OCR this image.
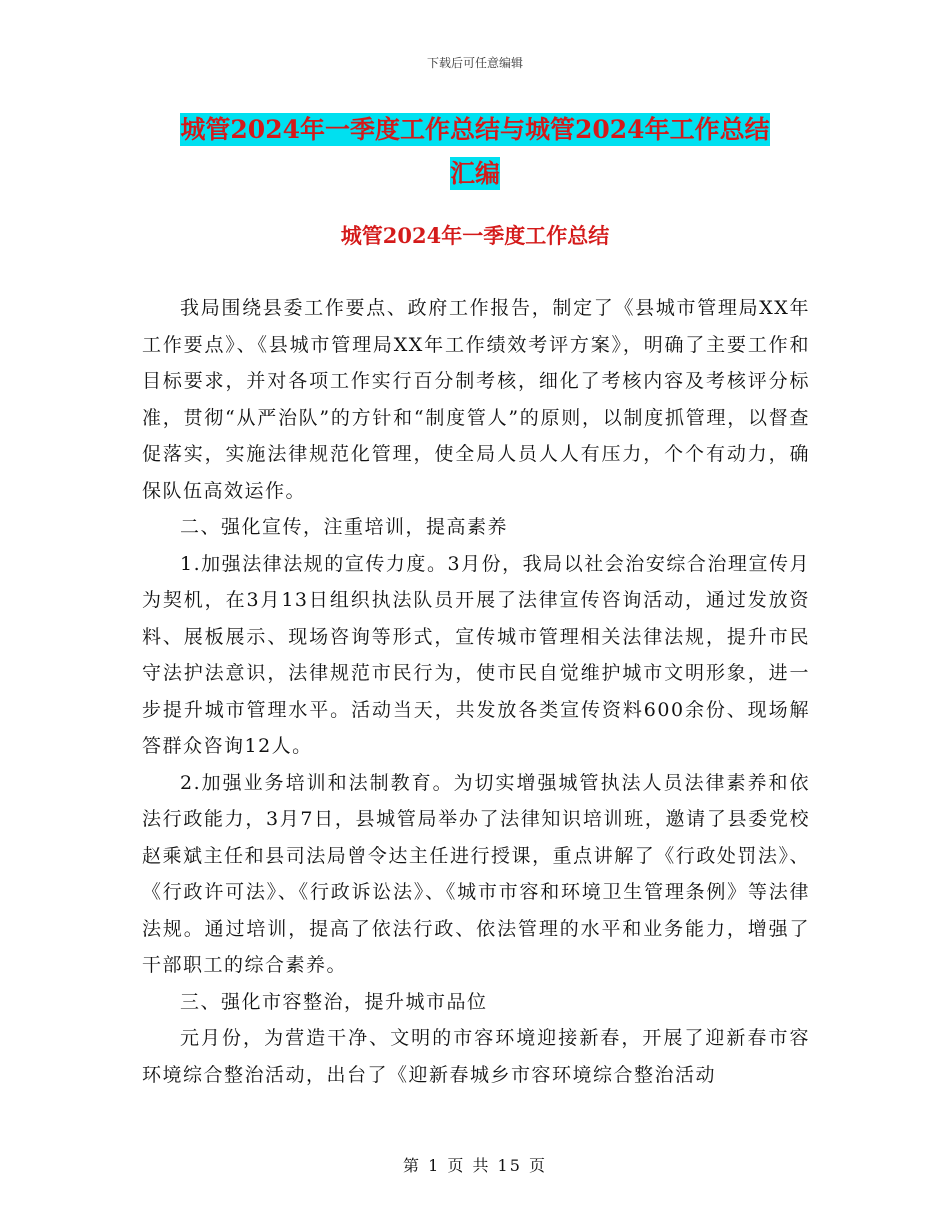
下载后可任意编辑
城管2024年一季度工作总结与城管2024年工作总结
汇编
城管2024年一季度工作总结

我局围绕县委工作要点、政府工作报告，制定了《县城市管理局XX年工作要点》、《县城市管理局XX年工作绩效考评方案》，明确了主要工作和目标要求，并对各项工作实行百分制考核，细化了考核内容及考核评分标准，贯彻“从严治队”的方针和“制度管人”的原则，以制度抓管理，以督查促落实，实施法律规范化管理，使全局人员人人有压力，个个有动力，确保队伍高效运作。

二、强化宣传，注重培训，提高素养

1.加强法律法规的宣传力度。3月份，我局以社会治安综合治理宣传月为契机，在3月13日组织执法队员开展了法律宣传咨询活动，通过发放资料、展板展示、现场咨询等形式，宣传城市管理相关法律法规，提升市民守法护法意识，法律规范市民行为，使市民自觉维护城市文明形象，进一步提升城市管理水平。活动当天，共发放各类宣传资料600余份、现场解答群众咨询12人。

2.加强业务培训和法制教育。为切实增强城管执法人员法律素养和依法行政能力，3月7日，县城管局举办了法律知识培训班，邀请了县委党校赵乘斌主任和县司法局曾令达主任进行授课，重点讲解了《行政处罚法》、《行政许可法》、《行政诉讼法》、《城市市容和环境卫生管理条例》等法律法规。通过培训，提高了依法行政、依法管理的水平和业务能力，增强了干部职工的综合素养。

三、强化市容整治，提升城市品位

元月份，为营造干净、文明的市容环境迎接新春，开展了迎新春市容环境综合整治活动，出台了《迎新春城乡市容环境综合整治活动

第 1 页 共 15 页
